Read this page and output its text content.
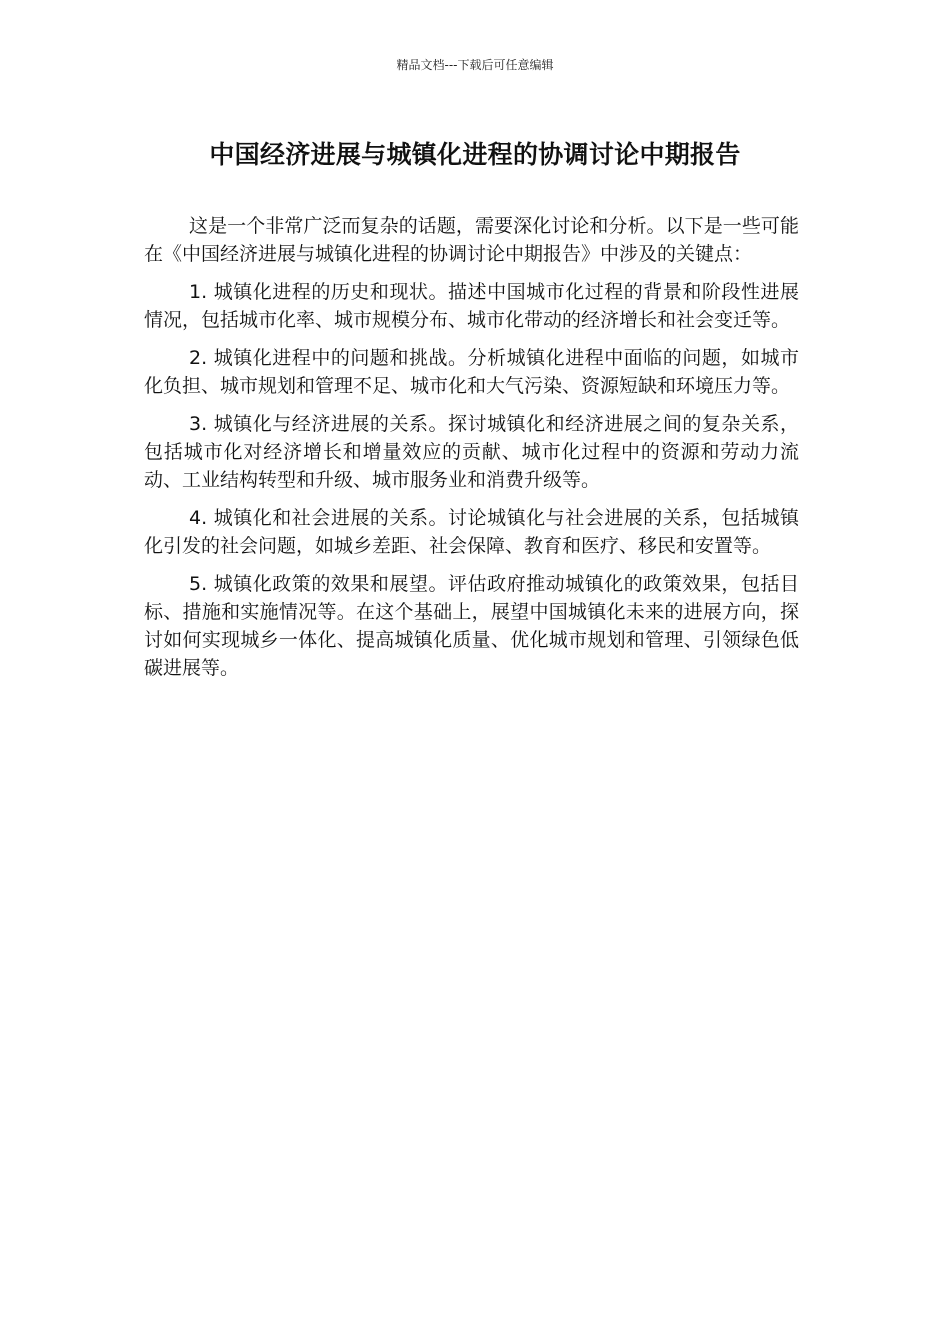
精品文档---下载后可任意编辑
中国经济进展与城镇化进程的协调讨论中期报告

这是一个非常广泛而复杂的话题，需要深化讨论和分析。以下是一些可能在《中国经济进展与城镇化进程的协调讨论中期报告》中涉及的关键点：

1. 城镇化进程的历史和现状。描述中国城市化过程的背景和阶段性进展情况，包括城市化率、城市规模分布、城市化带动的经济增长和社会变迁等。

2. 城镇化进程中的问题和挑战。分析城镇化进程中面临的问题，如城市化负担、城市规划和管理不足、城市化和大气污染、资源短缺和环境压力等。

3. 城镇化与经济进展的关系。探讨城镇化和经济进展之间的复杂关系，包括城市化对经济增长和增量效应的贡献、城市化过程中的资源和劳动力流动、工业结构转型和升级、城市服务业和消费升级等。

4. 城镇化和社会进展的关系。讨论城镇化与社会进展的关系，包括城镇化引发的社会问题，如城乡差距、社会保障、教育和医疗、移民和安置等。

5. 城镇化政策的效果和展望。评估政府推动城镇化的政策效果，包括目标、措施和实施情况等。在这个基础上，展望中国城镇化未来的进展方向，探讨如何实现城乡一体化、提高城镇化质量、优化城市规划和管理、引领绿色低碳进展等。
